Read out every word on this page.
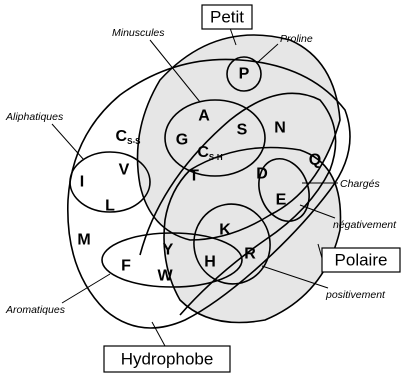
P
A
G
S N
Q
T	D
E
I
V
L
M
K
R
H
Y
W
F
$C_{S-S}$
$C_{S-H}$
Minuscules	Proline
Aliphatiques
Chargés
négativement
positivement
Aromatiques
Petit
Polaire
Hydrophobe
